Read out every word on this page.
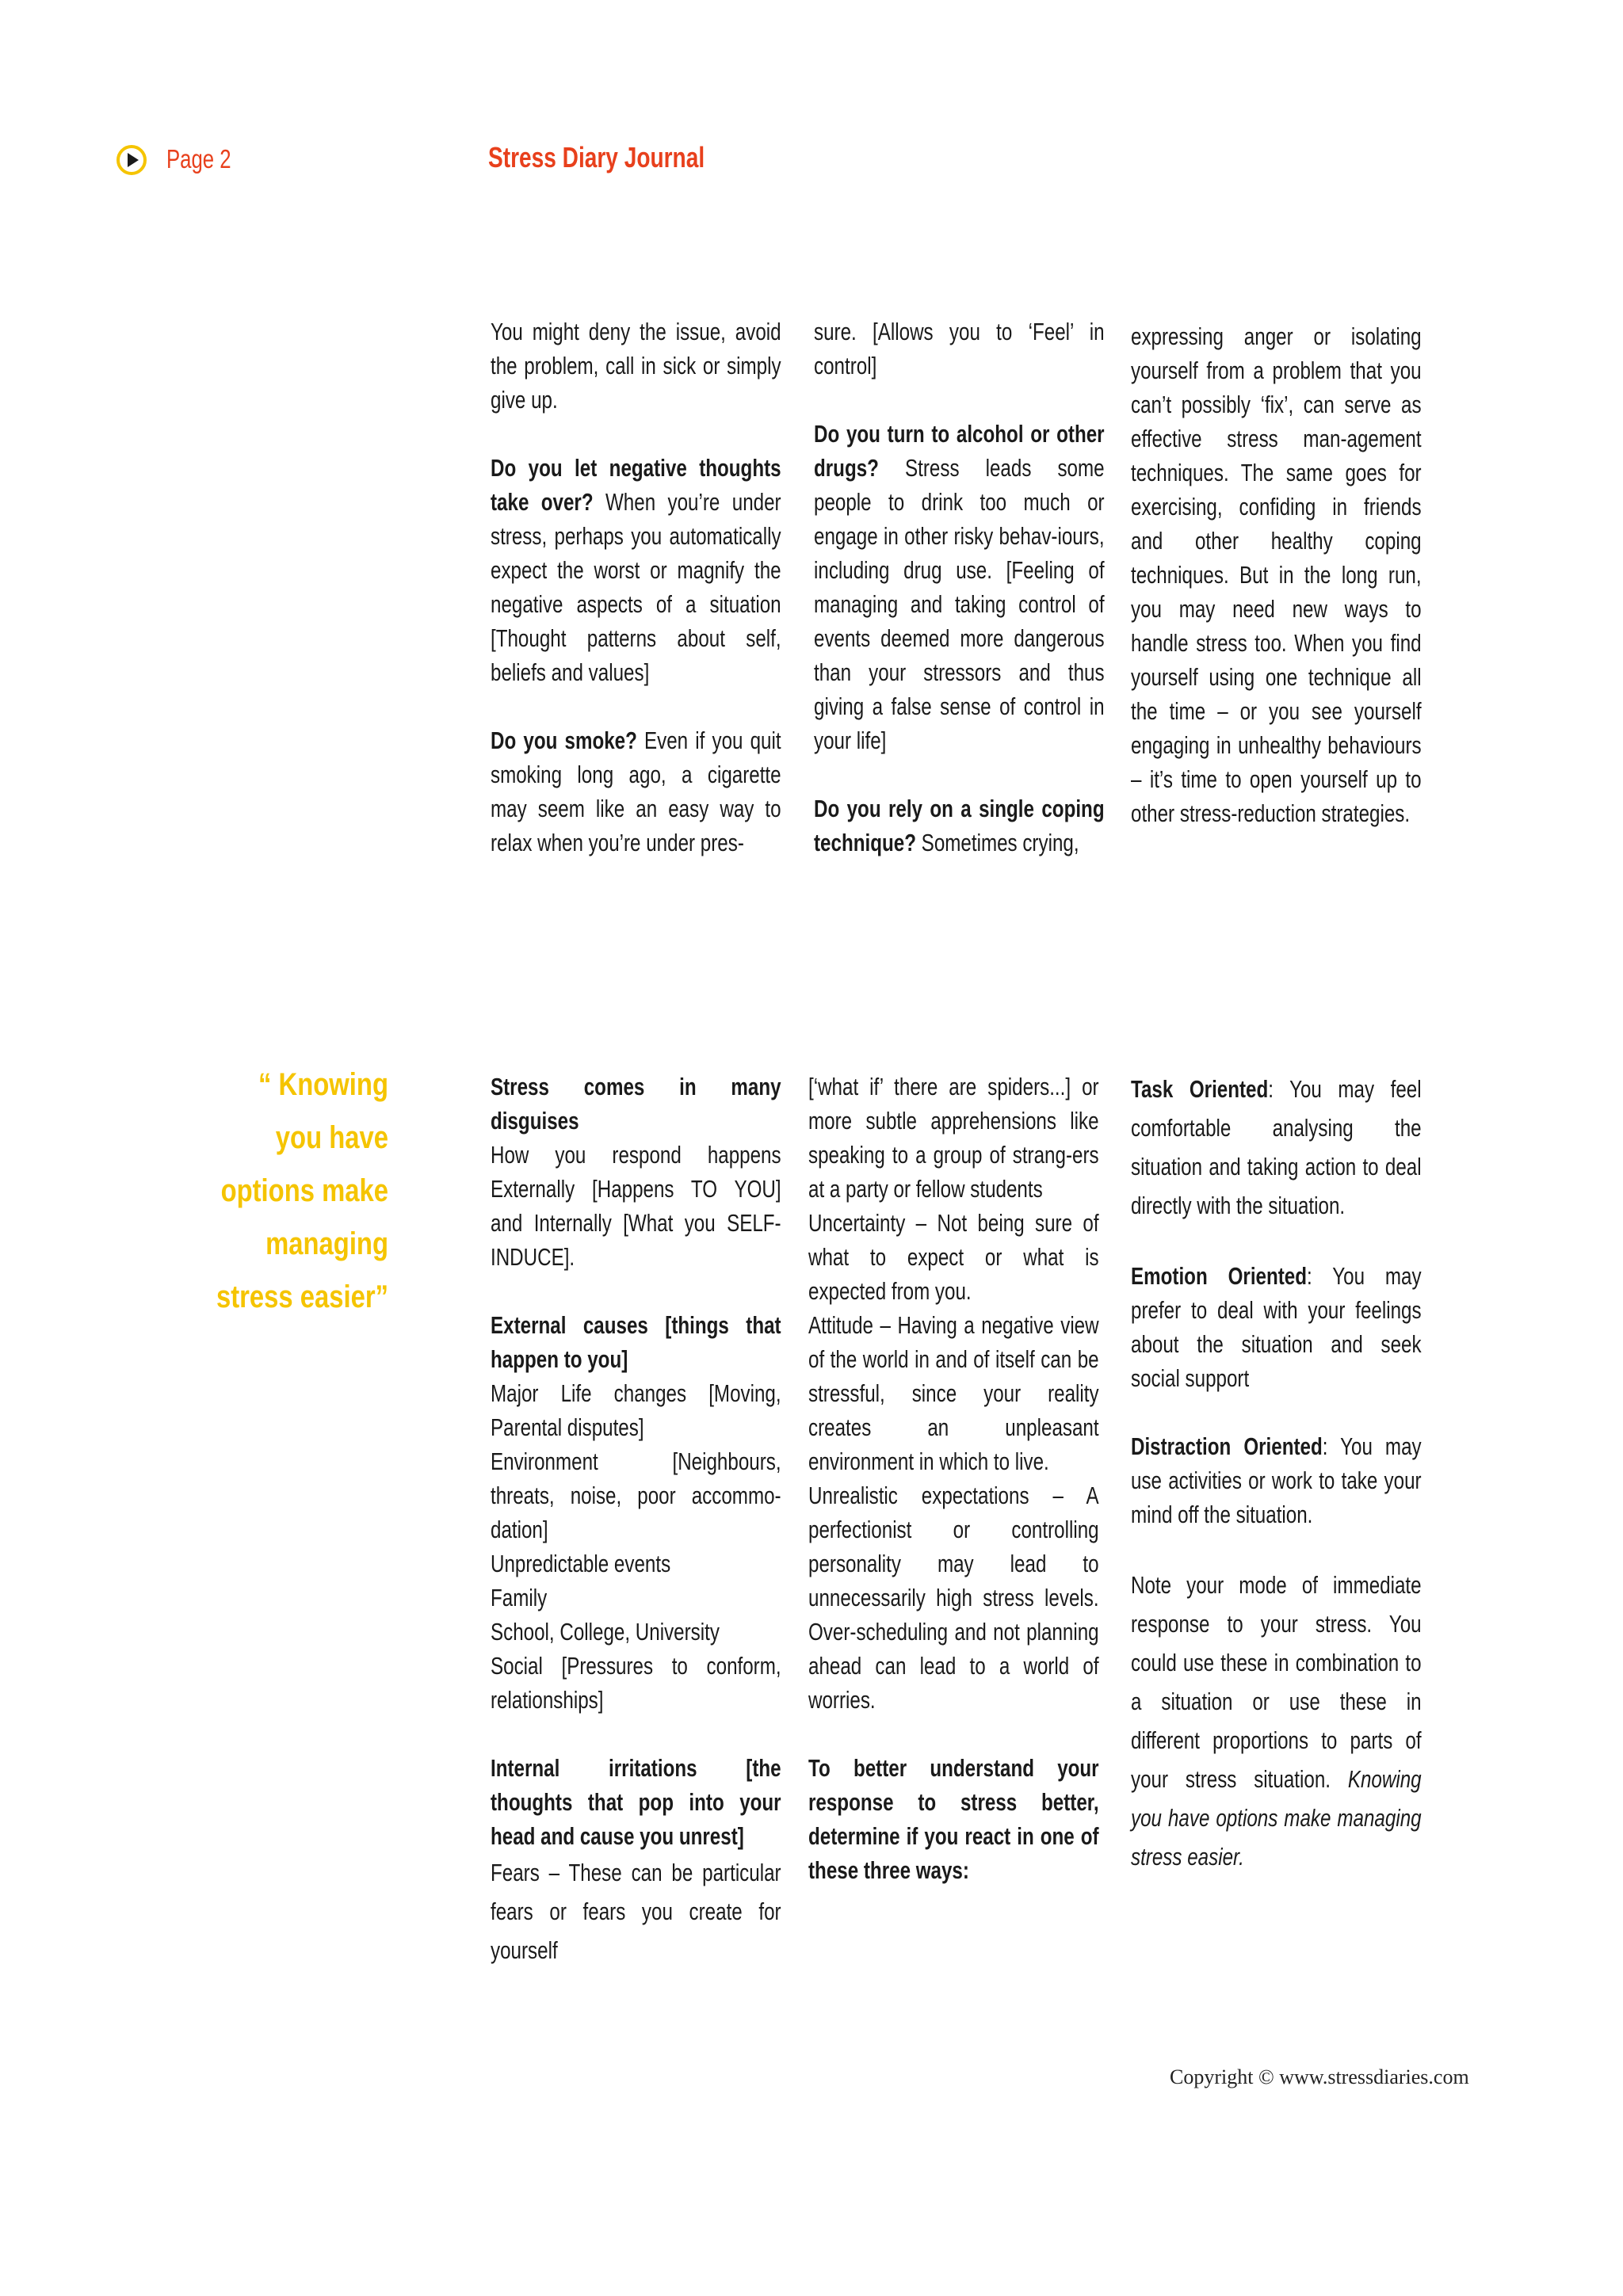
Page 2	Stress Diary Journal

You might deny the issue, avoid the problem, call in sick or simply give up.

Do you let negative thoughts take over? When you’re under stress, perhaps you automatically expect the worst or magnify the negative aspects of a situation [Thought patterns about self, beliefs and values]

Do you smoke? Even if you quit smoking long ago, a cigarette may seem like an easy way to relax when you’re under pres-

sure. [Allows you to ‘Feel’ in control]

Do you turn to alcohol or other drugs? Stress leads some people to drink too much or engage in other risky behav-iours, including drug use. [Feeling of managing and taking control of events deemed more dangerous than your stressors and thus giving a false sense of control in your life]

Do you rely on a single coping technique? Sometimes crying,

expressing anger or isolating yourself from a problem that you can’t possibly ‘fix’, can serve as effective stress man-agement techniques. The same goes for exercising, confiding in friends and other healthy coping techniques. But in the long run, you may need new ways to handle stress too. When you find yourself using one technique all the time – or you see yourself engaging in unhealthy behaviours – it’s time to open yourself up to other stress-reduction strategies.

“ Knowing you have options make managing stress easier”

Stress comes in many disguises

How you respond happens Externally [Happens TO YOU] and Internally [What you SELF-INDUCE].

External causes [things that happen to you]

Major Life changes [Moving, Parental disputes]

Environment [Neighbours, threats, noise, poor accommo-dation]

Unpredictable events

Family

School, College, University

Social [Pressures to conform, relationships]

Internal irritations [the thoughts that pop into your head and cause you unrest]

Fears – These can be particular fears or fears you create for yourself

[‘what if’ there are spiders...] or more subtle apprehensions like speaking to a group of strang-ers at a party or fellow students

Uncertainty – Not being sure of what to expect or what is expected from you.

Attitude – Having a negative view of the world in and of itself can be stressful, since your reality creates an unpleasant environment in which to live.

Unrealistic expectations – A perfectionist or controlling personality may lead to unnecessarily high stress levels. Over-scheduling and not planning ahead can lead to a world of worries.

To better understand your response to stress better, determine if you react in one of these three ways:

Task Oriented: You may feel comfortable analysing the situation and taking action to deal directly with the situation.

Emotion Oriented: You may prefer to deal with your feelings about the situation and seek social support

Distraction Oriented: You may use activities or work to take your mind off the situation.

Note your mode of immediate response to your stress. You could use these in combination to a situation or use these in different proportions to parts of your stress situation. Knowing you have options make managing stress easier.

Copyright © www.stressdiaries.com
